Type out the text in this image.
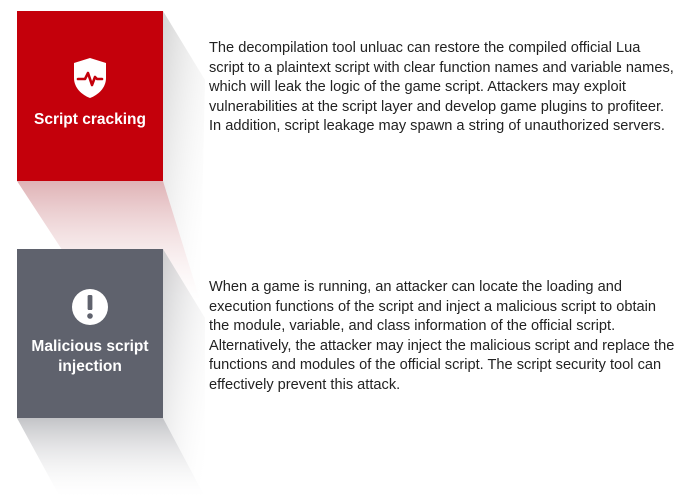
Script cracking

The decompilation tool unluac can restore the compiled official Lua script to a plaintext script with clear function names and variable names, which will leak the logic of the game script. Attackers may exploit vulnerabilities at the script layer and develop game plugins to profiteer. In addition, script leakage may spawn a string of unauthorized servers.

Malicious script injection

When a game is running, an attacker can locate the loading and execution functions of the script and inject a malicious script to obtain the module, variable, and class information of the official script. Alternatively, the attacker may inject the malicious script and replace the functions and modules of the official script. The script security tool can effectively prevent this attack.
